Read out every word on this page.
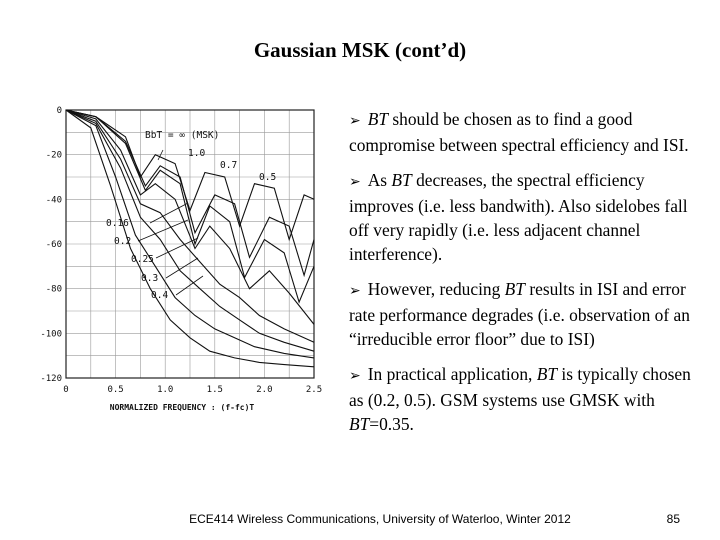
Gaussian MSK (cont’d)
0	0.5	1.0	1.5	2.0	2.5
0
-20
-40
-60
-80
-100
-120
NORMALIZED FREQUENCY : (f-fc)T
BbT = ∞ (MSK)
1.0
0.7
0.5
0.16
0.2
0.25
0.3
0.4
➢ BT should be chosen as to find a good compromise between spectral efficiency and ISI.
➢ As BT decreases, the spectral efficiency improves (i.e. less bandwith). Also sidelobes fall off very rapidly (i.e. less adjacent channel interference).
➢ However, reducing BT results in ISI and error rate performance degrades (i.e. observation of an “irreducible error floor” due to ISI)
➢ In practical application, BT is typically chosen as (0.2, 0.5). GSM systems use GMSK with BT=0.35.
ECE414 Wireless Communications, University of Waterloo, Winter 2012	85
